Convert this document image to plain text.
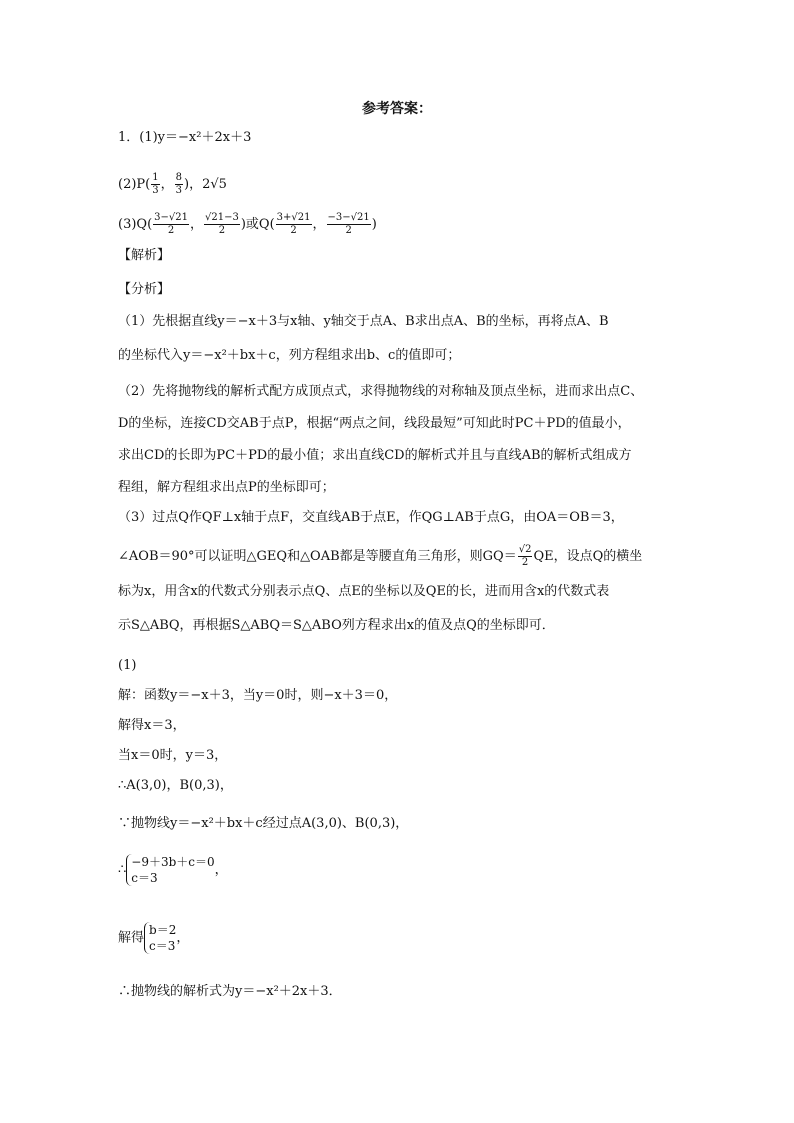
参考答案：
1．(1)y＝−x²＋2x＋3
$(2)P( \frac{1}{3}$ ， $\frac{8}{3}$ )，2√5
$(3)Q( \frac{3-√21}{2}$ ， $\frac{√21-3}{2}$ )或$Q( \frac{3+√21}{2}$ ， $\frac{-3-√21}{2}$ )
【解析】
【分析】
（1）先根据直线y＝−x＋3与x轴、y轴交于点A、B求出点A、B的坐标，再将点A、B
的坐标代入y＝−x²＋bx＋c，列方程组求出b、c的值即可；
（2）先将抛物线的解析式配方成顶点式，求得抛物线的对称轴及顶点坐标，进而求出点C、
D的坐标，连接CD交AB于点P，根据“两点之间，线段最短”可知此时PC＋PD的值最小，
求出CD的长即为PC＋PD的最小值；求出直线CD的解析式并且与直线AB的解析式组成方
程组，解方程组求出点P的坐标即可；
（3）过点Q作QF⊥x轴于点F，交直线AB于点E，作QG⊥AB于点G，由OA＝OB＝3，
∠AOB＝90°可以证明△GEQ和△OAB都是等腰直角三角形，则$GQ= \frac{√2}{2}$ QE，设点Q的横坐
标为x，用含x的代数式分别表示点Q、点E的坐标以及QE的长，进而用含x的代数式表
示S△ABQ，再根据S△ABQ＝S△ABO列方程求出x的值及点Q的坐标即可．
(1)
解：函数y＝−x＋3，当y＝0时，则−x＋3＝0，
解得x＝3，
当x＝0时，y＝3，
∴A(3,0)，B(0,3)，
∵抛物线y＝−x²＋bx＋c经过点A(3,0)、B(0,3)，
∴
−9＋3b＋c＝0
c＝3
，
解得
b＝2
c＝3
，
∴抛物线的解析式为y＝−x²＋2x＋3．
